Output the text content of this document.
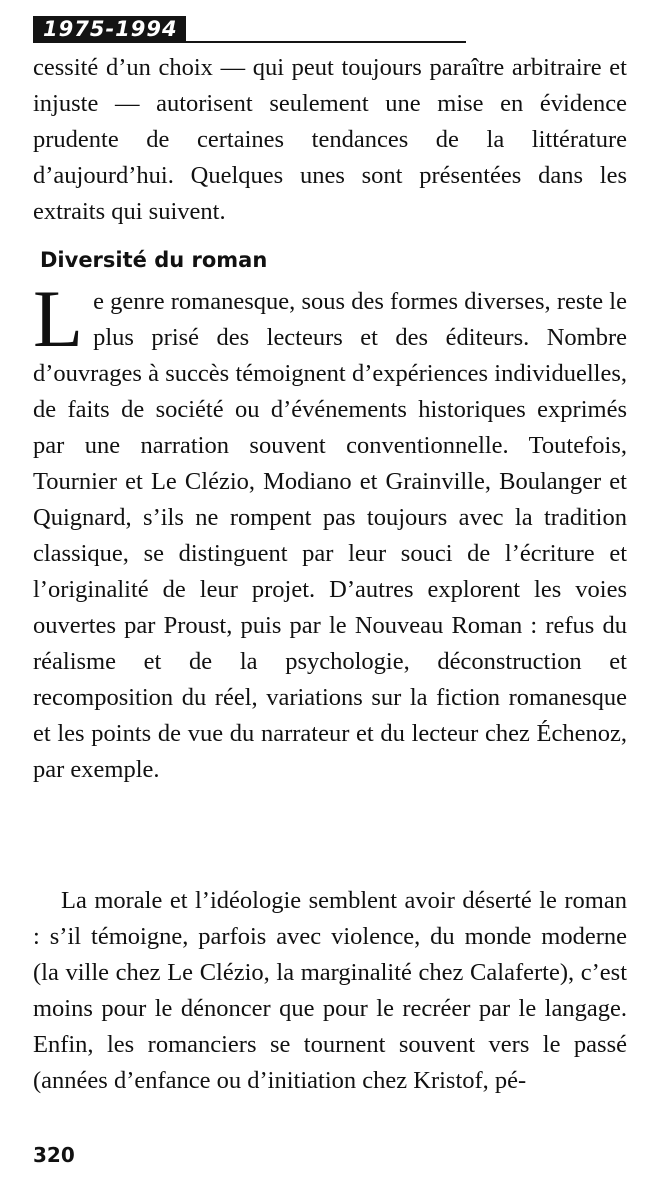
1975-1994

cessité d’un choix — qui peut toujours paraître arbitraire et injuste — autorisent seulement une mise en évidence prudente de certaines tendances de la littérature d’aujourd’hui. Quelques unes sont présentées dans les extraits qui suivent.

Diversité du roman
L e genre romanesque, sous des formes diverses, reste le plus prisé des lecteurs et des éditeurs. Nombre d’ouvrages à succès témoignent d’expériences individuelles, de faits de société ou d’événements historiques exprimés par une narration souvent conventionnelle. Toutefois, Tournier et Le Clézio, Modiano et Grainville, Boulanger et Quignard, s’ils ne rompent pas toujours avec la tradition classique, se distinguent par leur souci de l’écriture et l’originalité de leur projet. D’autres explorent les voies ouvertes par Proust, puis par le Nouveau Roman : refus du réalisme et de la psychologie, déconstruction et recomposition du réel, variations sur la fiction romanesque et les points de vue du narrateur et du lecteur chez Échenoz, par exemple.

La morale et l’idéologie semblent avoir déserté le roman : s’il témoigne, parfois avec violence, du monde moderne (la ville chez Le Clézio, la marginalité chez Calaferte), c’est moins pour le dénoncer que pour le recréer par le langage. Enfin, les romanciers se tournent souvent vers le passé (années d’enfance ou d’initiation chez Kristof, pé-

320
